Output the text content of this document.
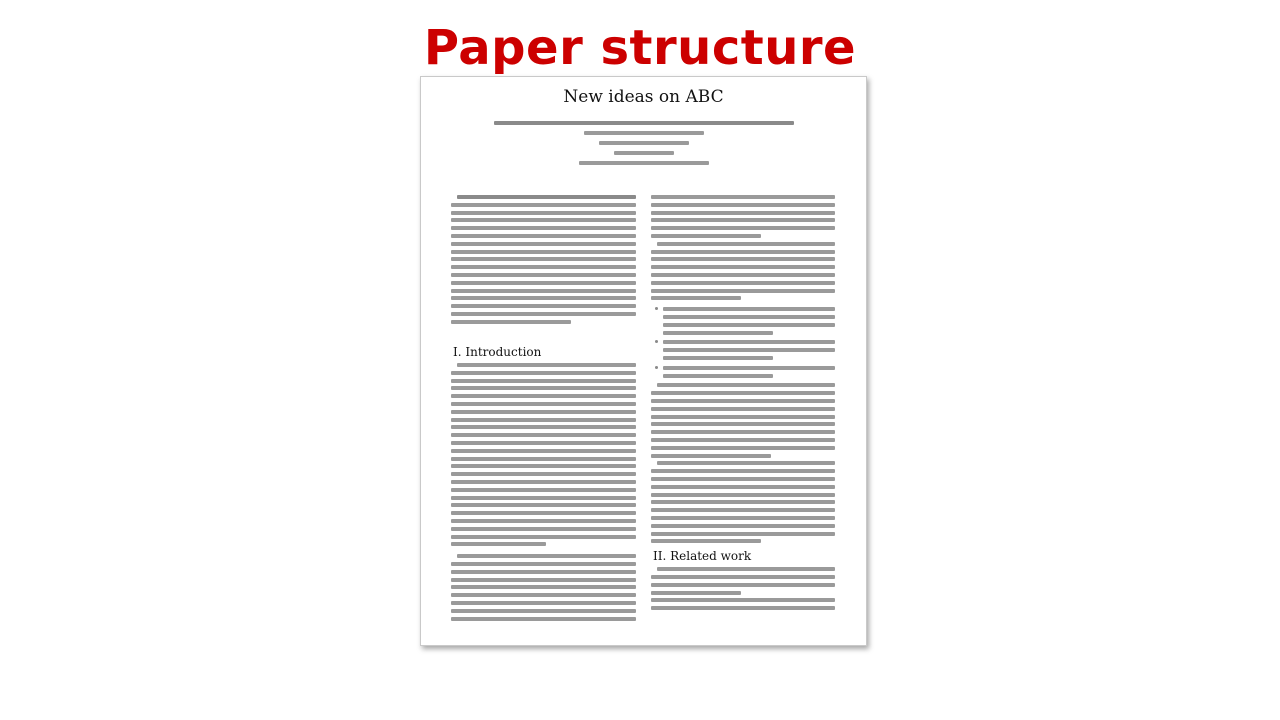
Paper structure
New ideas on ABC
I. Introduction
II. Related work
